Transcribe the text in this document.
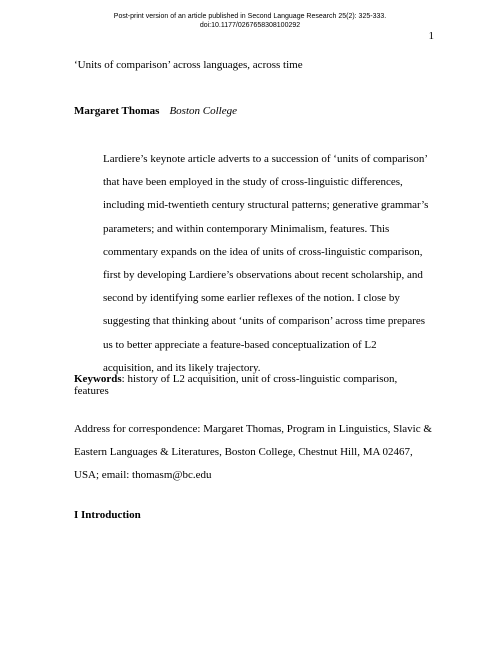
Post-print version of an article published in Second Language Research 25(2): 325-333.
doi:10.1177/0267658308100292
1
‘Units of comparison’ across languages, across time
Margaret Thomas Boston College

Lardiere’s keynote article adverts to a succession of ‘units of comparison’ that have been employed in the study of cross-linguistic differences, including mid-twentieth century structural patterns; generative grammar’s parameters; and within contemporary Minimalism, features. This commentary expands on the idea of units of cross-linguistic comparison, first by developing Lardiere’s observations about recent scholarship, and second by identifying some earlier reflexes of the notion. I close by suggesting that thinking about ‘units of comparison’ across time prepares us to better appreciate a feature-based conceptualization of L2 acquisition, and its likely trajectory.

Keywords: history of L2 acquisition, unit of cross-linguistic comparison, features

Address for correspondence: Margaret Thomas, Program in Linguistics, Slavic & Eastern Languages & Literatures, Boston College, Chestnut Hill, MA 02467, USA; email: thomasm@bc.edu

I Introduction
